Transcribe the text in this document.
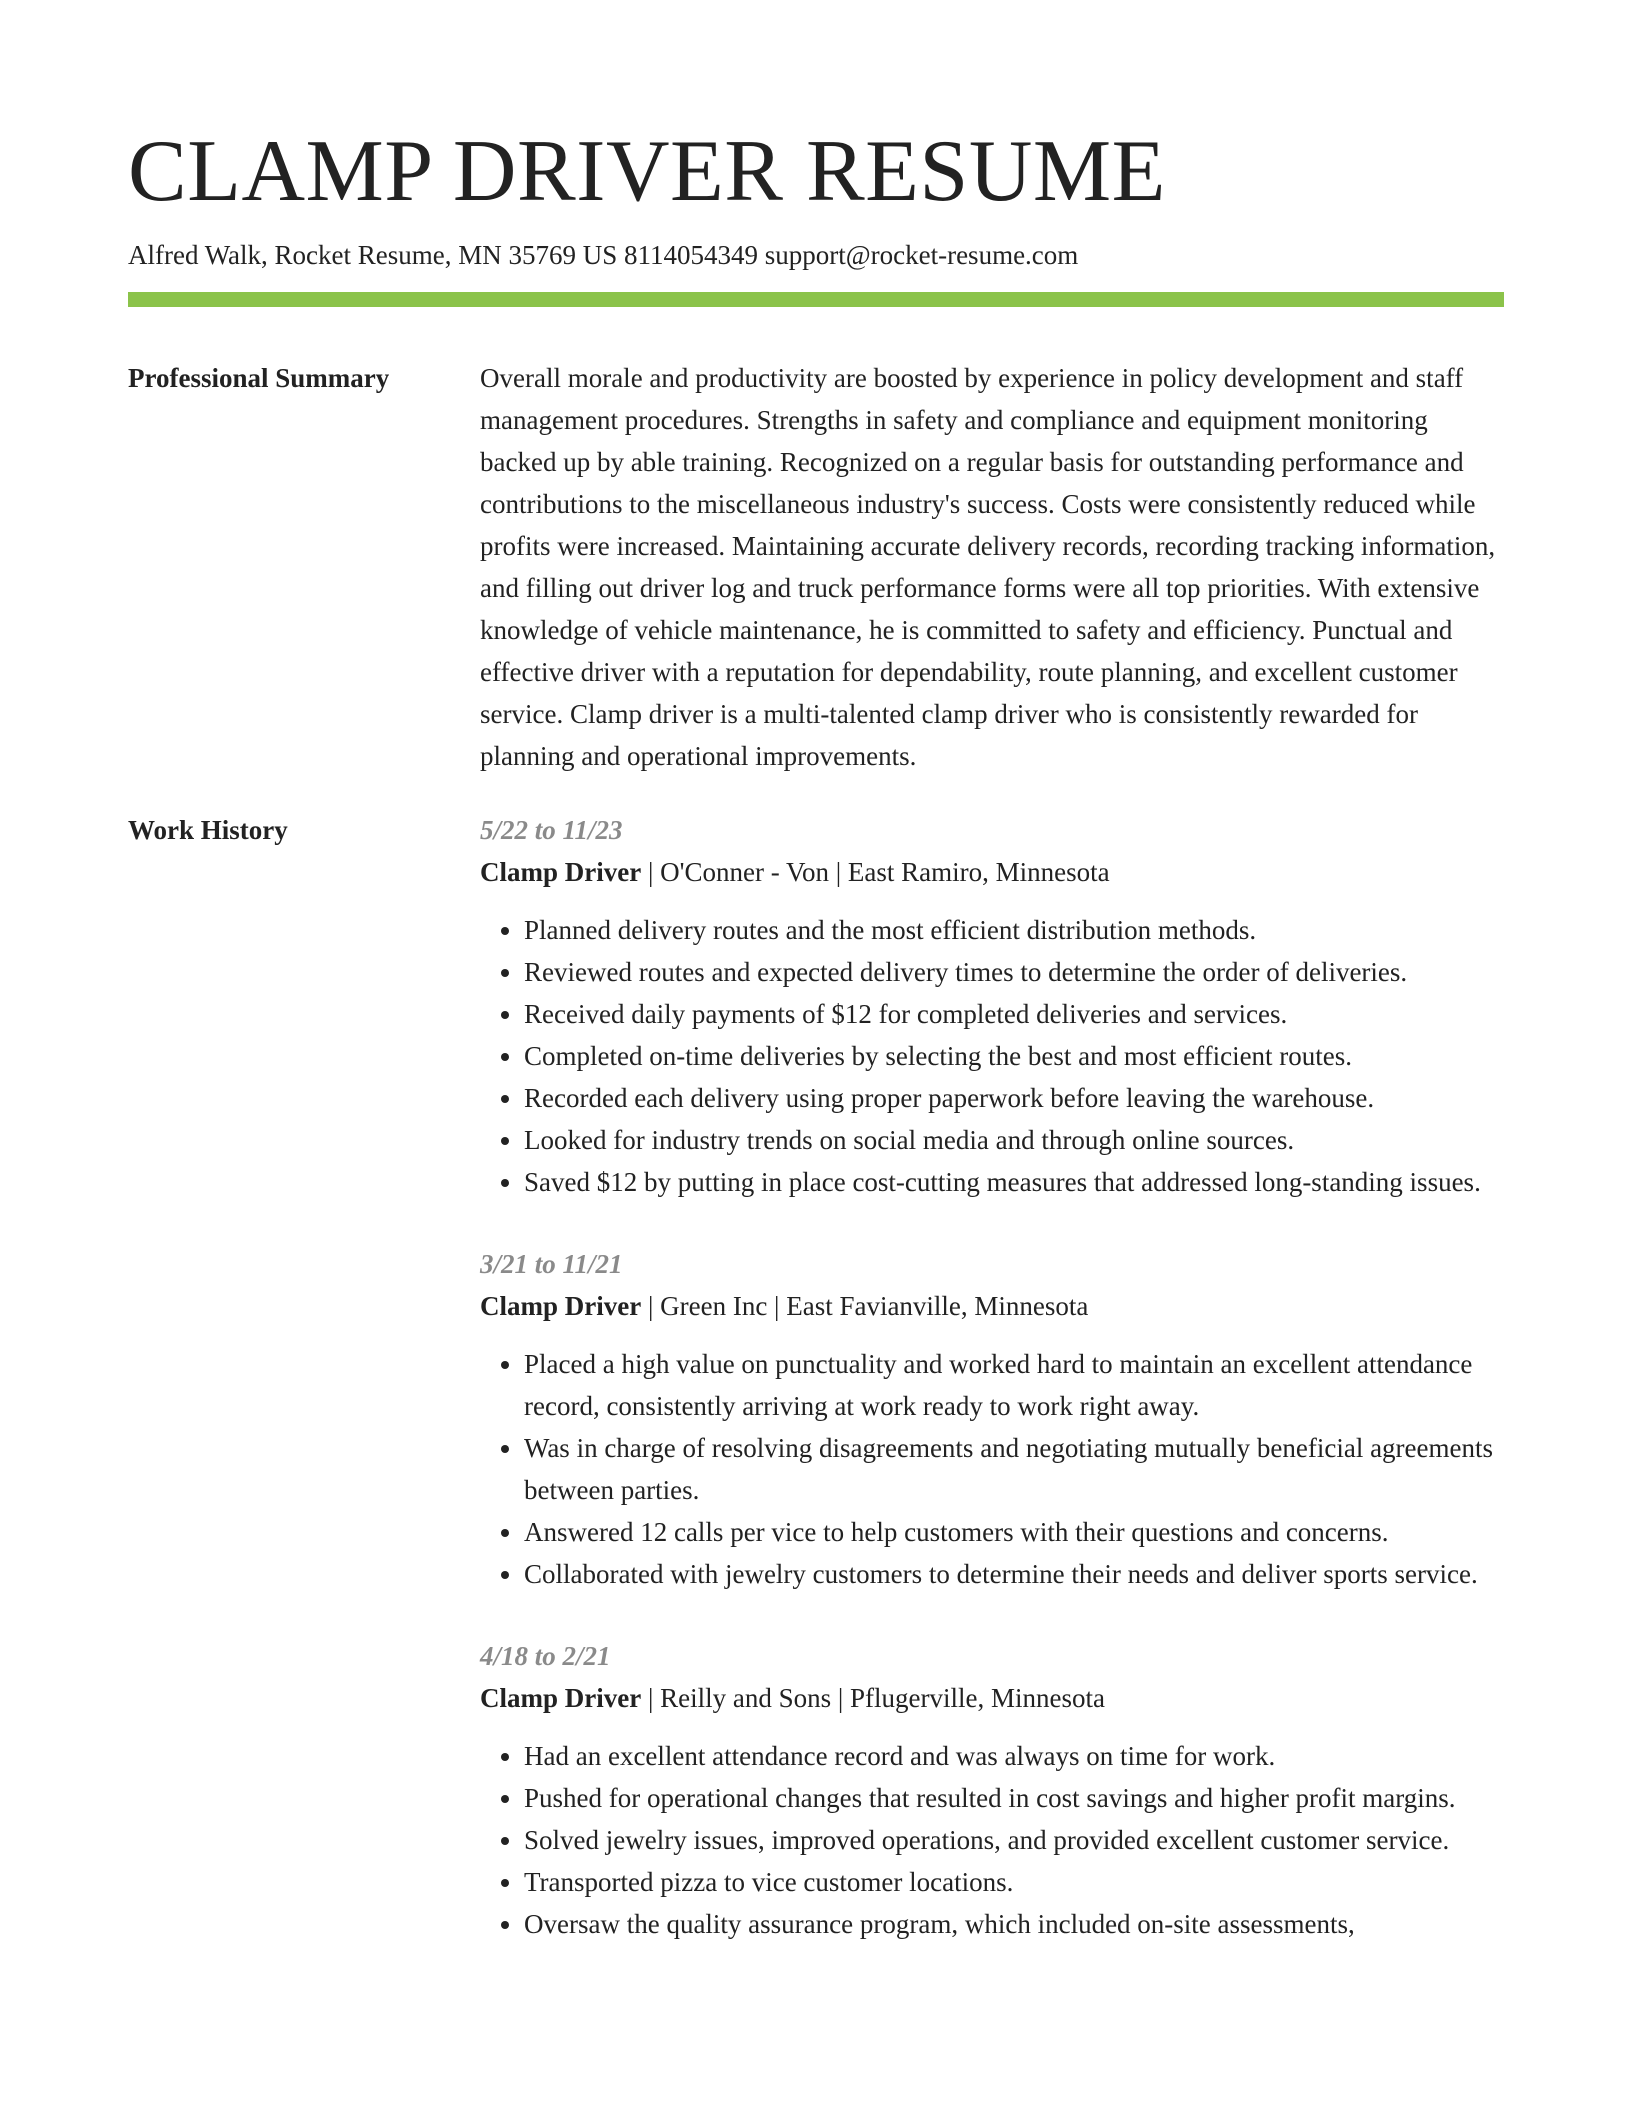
CLAMP DRIVER RESUME
Alfred Walk, Rocket Resume, MN 35769 US 8114054349 support@rocket-resume.com
Professional Summary	Overall morale and productivity are boosted by experience in policy development and staff management procedures. Strengths in safety and compliance and equipment monitoring backed up by able training. Recognized on a regular basis for outstanding performance and contributions to the miscellaneous industry's success. Costs were consistently reduced while profits were increased. Maintaining accurate delivery records, recording tracking information, and filling out driver log and truck performance forms were all top priorities. With extensive knowledge of vehicle maintenance, he is committed to safety and efficiency. Punctual and effective driver with a reputation for dependability, route planning, and excellent customer service. Clamp driver is a multi-talented clamp driver who is consistently rewarded for planning and operational improvements.

Work History	5/22 to 11/23
Clamp Driver | O'Conner - Von | East Ramiro, Minnesota
• Planned delivery routes and the most efficient distribution methods.
• Reviewed routes and expected delivery times to determine the order of deliveries.
• Received daily payments of $12 for completed deliveries and services.
• Completed on-time deliveries by selecting the best and most efficient routes.
• Recorded each delivery using proper paperwork before leaving the warehouse.
• Looked for industry trends on social media and through online sources.
• Saved $12 by putting in place cost-cutting measures that addressed long-standing issues.
3/21 to 11/21
Clamp Driver | Green Inc | East Favianville, Minnesota
• Placed a high value on punctuality and worked hard to maintain an excellent attendance record, consistently arriving at work ready to work right away.
• Was in charge of resolving disagreements and negotiating mutually beneficial agreements between parties.
• Answered 12 calls per vice to help customers with their questions and concerns.
• Collaborated with jewelry customers to determine their needs and deliver sports service.
4/18 to 2/21
Clamp Driver | Reilly and Sons | Pflugerville, Minnesota
• Had an excellent attendance record and was always on time for work.
• Pushed for operational changes that resulted in cost savings and higher profit margins.
• Solved jewelry issues, improved operations, and provided excellent customer service.
• Transported pizza to vice customer locations.
• Oversaw the quality assurance program, which included on-site assessments,
